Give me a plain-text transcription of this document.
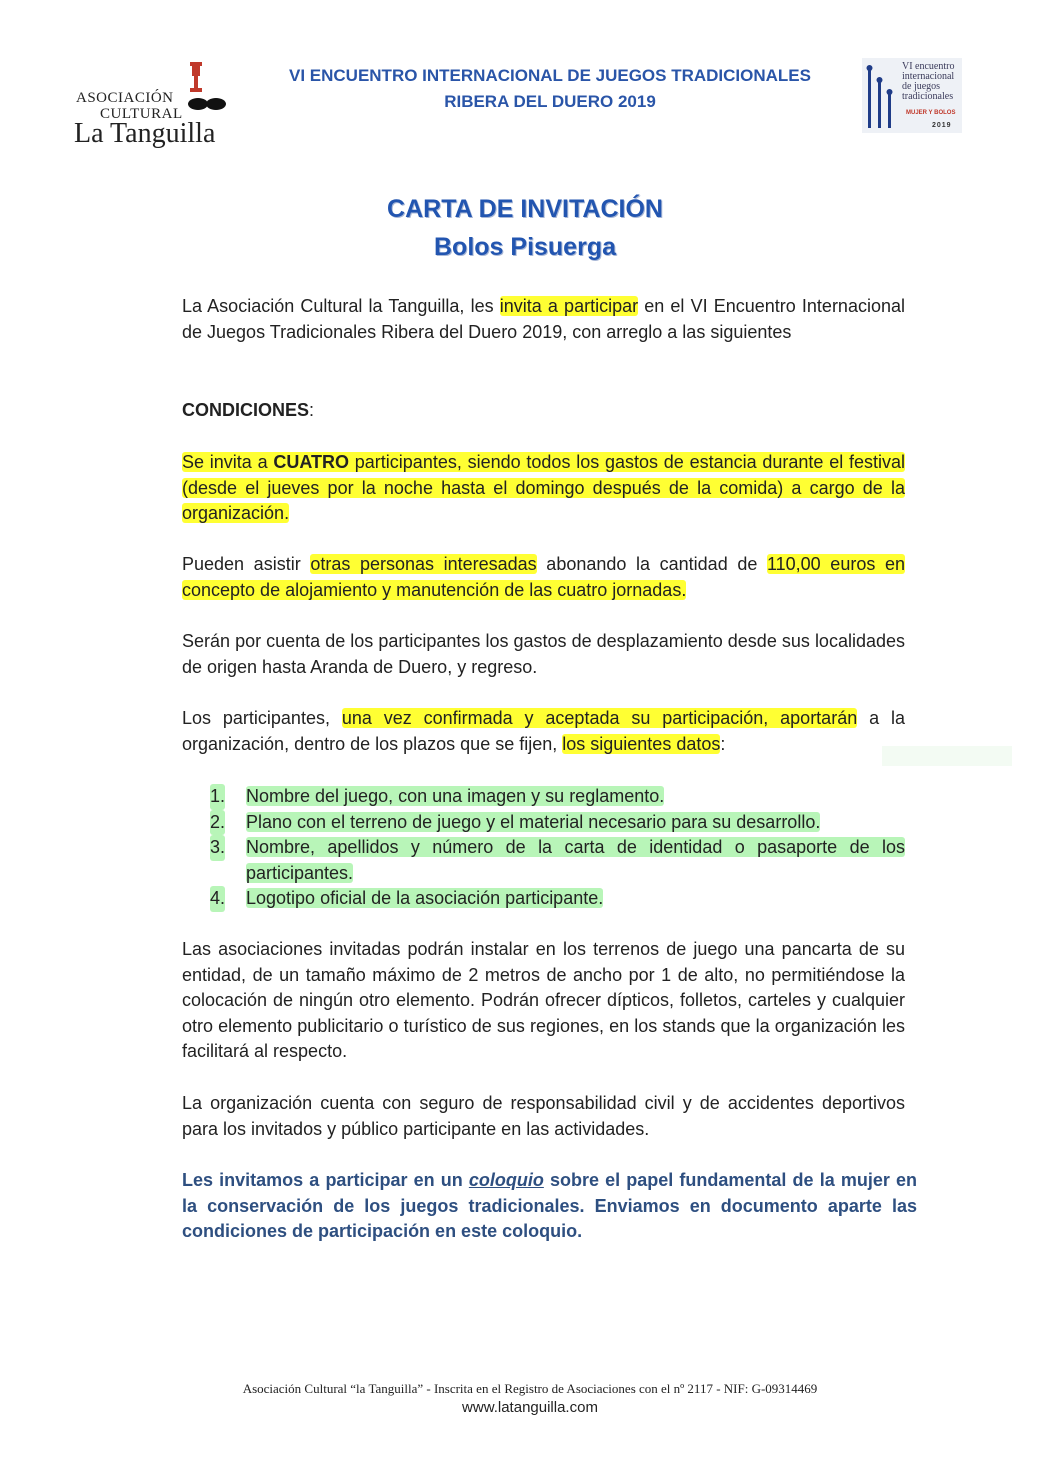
ASOCIACIÓN
CULTURAL
La Tanguilla
VI ENCUENTRO INTERNACIONAL DE JUEGOS TRADICIONALES
RIBERA DEL DUERO 2019
VI encuentro
internacional
de juegos
tradicionales
MUJER Y BOLOS
2019
CARTA DE INVITACIÓN
Bolos Pisuerga
La Asociación Cultural la Tanguilla, les invita a participar en el VI Encuentro Internacional de Juegos Tradicionales Ribera del Duero 2019, con arreglo a las siguientes
CONDICIONES:
Se invita a CUATRO participantes, siendo todos los gastos de estancia durante el festival (desde el jueves por la noche hasta el domingo después de la comida) a cargo de la organización.
Pueden asistir otras personas interesadas abonando la cantidad de 110,00 euros en concepto de alojamiento y manutención de las cuatro jornadas.
Serán por cuenta de los participantes los gastos de desplazamiento desde sus localidades de origen hasta Aranda de Duero, y regreso.
Los participantes, una vez confirmada y aceptada su participación, aportarán a la organización, dentro de los plazos que se fijen, los siguientes datos:
1. Nombre del juego, con una imagen y su reglamento.
2. Plano con el terreno de juego y el material necesario para su desarrollo.
3. Nombre, apellidos y número de la carta de identidad o pasaporte de los participantes.
4. Logotipo oficial de la asociación participante.
Las asociaciones invitadas podrán instalar en los terrenos de juego una pancarta de su entidad, de un tamaño máximo de 2 metros de ancho por 1 de alto, no permitiéndose la colocación de ningún otro elemento. Podrán ofrecer dípticos, folletos, carteles y cualquier otro elemento publicitario o turístico de sus regiones, en los stands que la organización les facilitará al respecto.
La organización cuenta con seguro de responsabilidad civil y de accidentes deportivos para los invitados y público participante en las actividades.
Les invitamos a participar en un coloquio sobre el papel fundamental de la mujer en la conservación de los juegos tradicionales. Enviamos en documento aparte las condiciones de participación en este coloquio.
Asociación Cultural “la Tanguilla” - Inscrita en el Registro de Asociaciones con el nº 2117 - NIF: G-09314469
www.latanguilla.com
